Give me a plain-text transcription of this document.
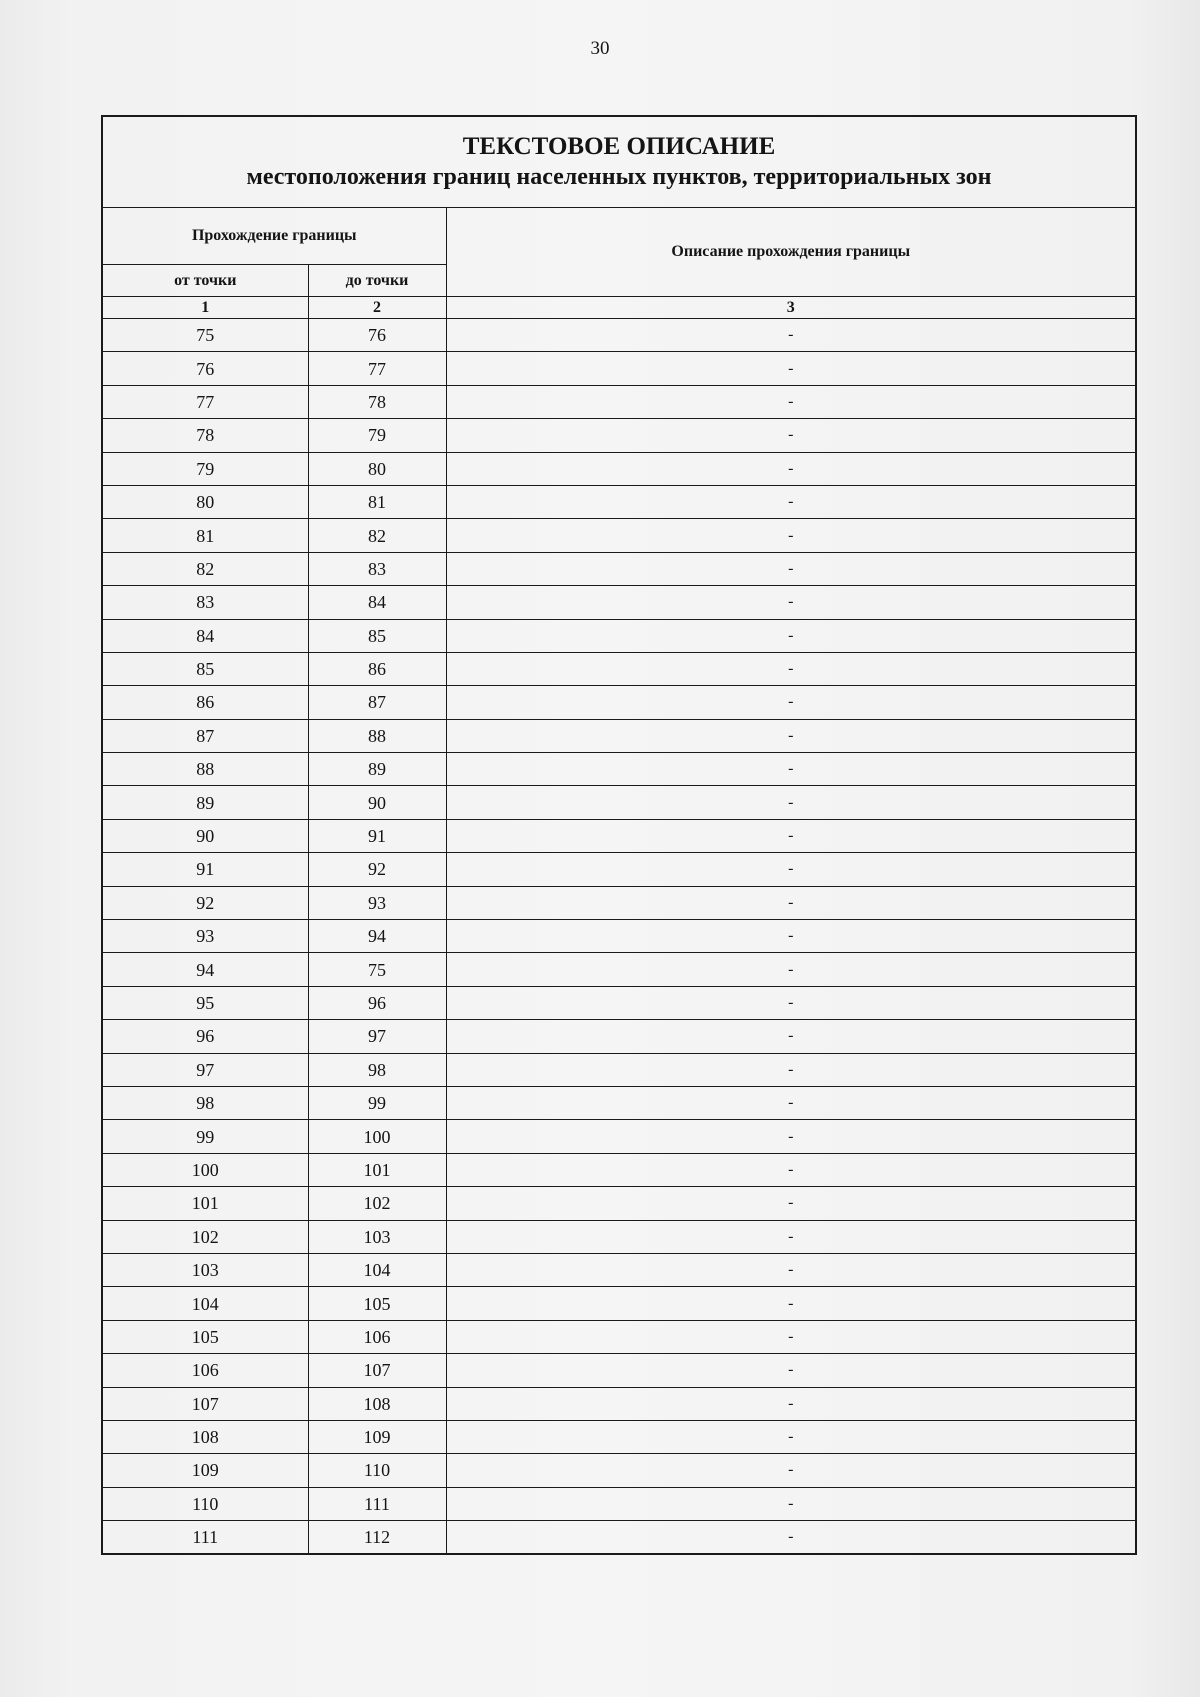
30
ТЕКСТОВОЕ ОПИСАНИЕ
местоположения границ населенных пунктов, территориальных зон		

Прохождение границы		Описание прохождения границы
от точки	до точки	
1	2	3
75	76	-
76	77	-
77	78	-
78	79	-
79	80	-
80	81	-
81	82	-
82	83	-
83	84	-
84	85	-
85	86	-
86	87	-
87	88	-
88	89	-
89	90	-
90	91	-
91	92	-
92	93	-
93	94	-
94	75	-
95	96	-
96	97	-
97	98	-
98	99	-
99	100	-
100	101	-
101	102	-
102	103	-
103	104	-
104	105	-
105	106	-
106	107	-
107	108	-
108	109	-
109	110	-
110	111	-
111	112	-
